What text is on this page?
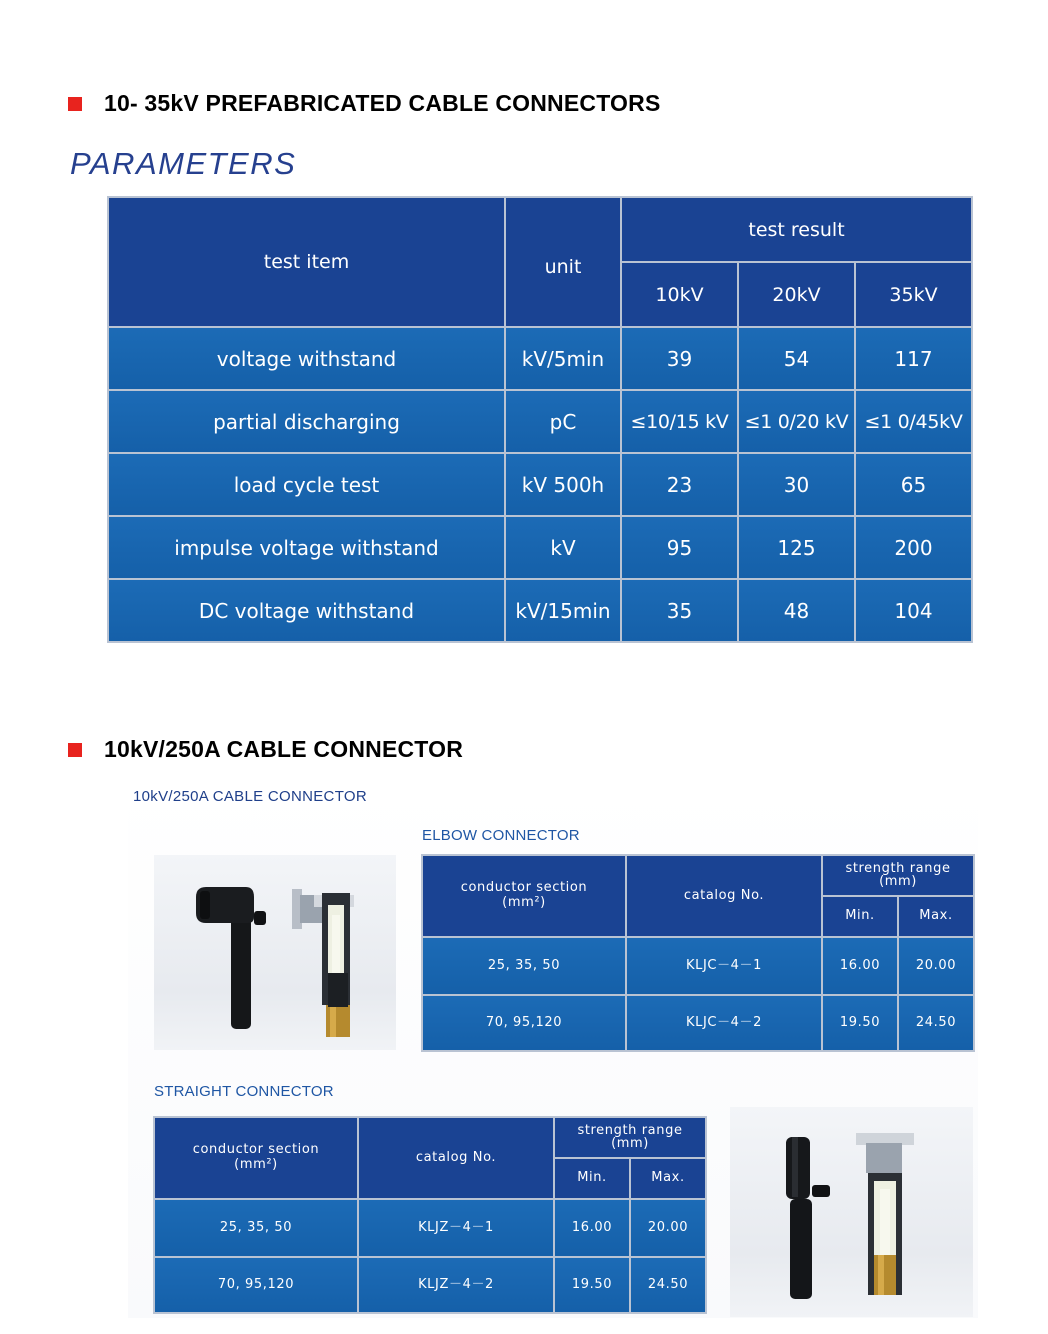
10- 35kV PREFABRICATED CABLE CONNECTORS
PARAMETERS
test item	unit	test result		
		10kV	20kV	35kV
voltage withstand	kV/5min	39	54	117
partial discharging	pC	≤10/15 kV	≤1 0/20 kV	≤1 0/45kV
load cycle test	kV 500h	23	30	65
impulse voltage withstand	kV	95	125	200
DC voltage withstand	kV/15min	35	48	104
10kV/250A CABLE CONNECTOR
10kV/250A CABLE CONNECTOR
ELBOW CONNECTOR
conductor section
(mm²)	catalog No.	strength range
(mm)	
		Min.	Max.
25, 35, 50	KLJC－4－1	16.00	20.00
70, 95,120	KLJC－4－2	19.50	24.50
STRAIGHT CONNECTOR
conductor section
(mm²)	catalog No.	strength range
(mm)	
		Min.	Max.
25, 35, 50	KLJZ－4－1	16.00	20.00
70, 95,120	KLJZ－4－2	19.50	24.50
